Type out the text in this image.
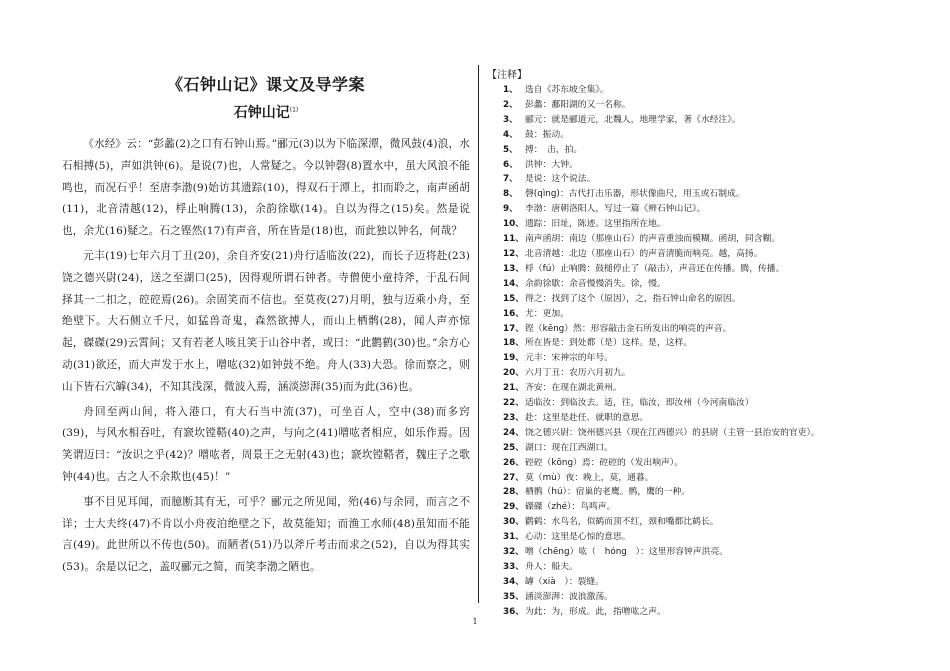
《石钟山记》课文及导学案
石钟山记$^{(1)}$

《水经》云：“彭蠡(2)之口有石钟山焉。”郦元(3)以为下临深潭，微风鼓(4)浪，水石相搏(5)，声如洪钟(6)。是说(7)也，人常疑之。今以钟磬(8)置水中，虽大风浪不能鸣也，而况石乎！至唐李渤(9)始访其遗踪(10)，得双石于潭上，扣而聆之，南声函胡(11)，北音清越(12)，桴止响腾(13)，余韵徐歇(14)。自以为得之(15)矣。然是说也，余尤(16)疑之。石之铿然(17)有声音，所在皆是(18)也，而此独以钟名，何哉？

元丰(19)七年六月丁丑(20)，余自齐安(21)舟行适临汝(22)，而长子迈将赴(23)饶之德兴尉(24)，送之至湖口(25)，因得观所谓石钟者。寺僧使小童持斧，于乱石间择其一二扣之，硿硿焉(26)。余固笑而不信也。至莫夜(27)月明，独与迈乘小舟，至绝壁下。大石侧立千尺，如猛兽奇鬼，森然欲搏人，而山上栖鹘(28)，闻人声亦惊起，磔磔(29)云霄间；又有若老人咳且笑于山谷中者，或曰：“此鹳鹤(30)也。”余方心动(31)欲还，而大声发于水上，噌吰(32)如钟鼓不绝。舟人(33)大恐。徐而察之，则山下皆石穴罅(34)，不知其浅深，微波入焉，涵淡澎湃(35)而为此(36)也。

舟回至两山间，将入港口，有大石当中流(37)，可坐百人，空中(38)而多窍(39)，与风水相吞吐，有窾坎镗鞳(40)之声，与向之(41)噌吰者相应，如乐作焉。因笑谓迈曰：“汝识之乎(42)？噌吰者，周景王之无射(43)也；窾坎镗鞳者，魏庄子之歌钟(44)也。古之人不余欺也(45)！”

事不目见耳闻，而臆断其有无，可乎？郦元之所见闻，殆(46)与余同，而言之不详；士大夫终(47)不肯以小舟夜泊绝壁之下，故莫能知；而渔工水师(48)虽知而不能言(49)。此世所以不传也(50)。而陋者(51)乃以斧斤考击而求之(52)，自以为得其实(53)。余是以记之，盖叹郦元之简，而笑李渤之陋也。

【注释】
1、 选自《苏东坡全集》。
2、 彭蠡：鄱阳湖的又一名称。
3、 郦元：就是郦道元，北魏人，地理学家，著《水经注》。
4、 鼓：振动。
5、 搏：　击，拍。
6、 洪钟：大钟。
7、 是说：这个说法。
8、 磬(qìng)：古代打击乐器，形状像曲尺，用玉或石制成。
9、 李渤：唐朝洛阳人，写过一篇《辨石钟山记》。
10、遗踪：旧址，陈迹。这里指所在地。
11、南声函胡：南边（那座山石）的声音重浊而模糊。函胡，同含糊。
12、北音清越：北边（那座山石）的声音清脆而响亮。越，高扬。
13、桴（fú）止响腾：鼓槌停止了（敲击），声音还在传播。腾，传播。
14、余韵徐歇：余音慢慢消失。徐，慢。
15、得之：找到了这个（原因），之，指石钟山命名的原因。
16、尤：更加。
17、铿（kēng）然：形容敲击金石所发出的响亮的声音。
18、所在皆是：到处都（是）这样。是，这样。
19、元丰：宋神宗的年号。
20、六月丁丑：农历六月初九。
21、齐安：在现在湖北黄州。
22、适临汝：到临汝去。适，往，临汝，即汝州（今河南临汝）
23、赴：这里是赴任、就职的意思。
24、饶之德兴尉：饶州德兴县（现在江西德兴）的县尉（主管一县治安的官吏）。
25、湖口：现在江西湖口。
26、硿硿（kōng）焉：硿硿的（发出响声）。
27、莫（mù）夜：晚上，莫，通暮。
28、栖鹘（hú）：宿巢的老鹰。鹘，鹰的一种。
29、磔磔（zhé）：鸟鸣声。
30、鹳鹤：水鸟名，似鹤而顶不红，颈和嘴都比鹤长。
31、心动：这里是心惊的意思。
32、噌（chēng）吰（　hóng　）：这里形容钟声洪亮。
33、舟人：船夫。
34、罅（xià　）：裂缝。
35、涵淡澎湃：波浪激荡。
36、为此：为，形成。此，指噌吰之声。
1
